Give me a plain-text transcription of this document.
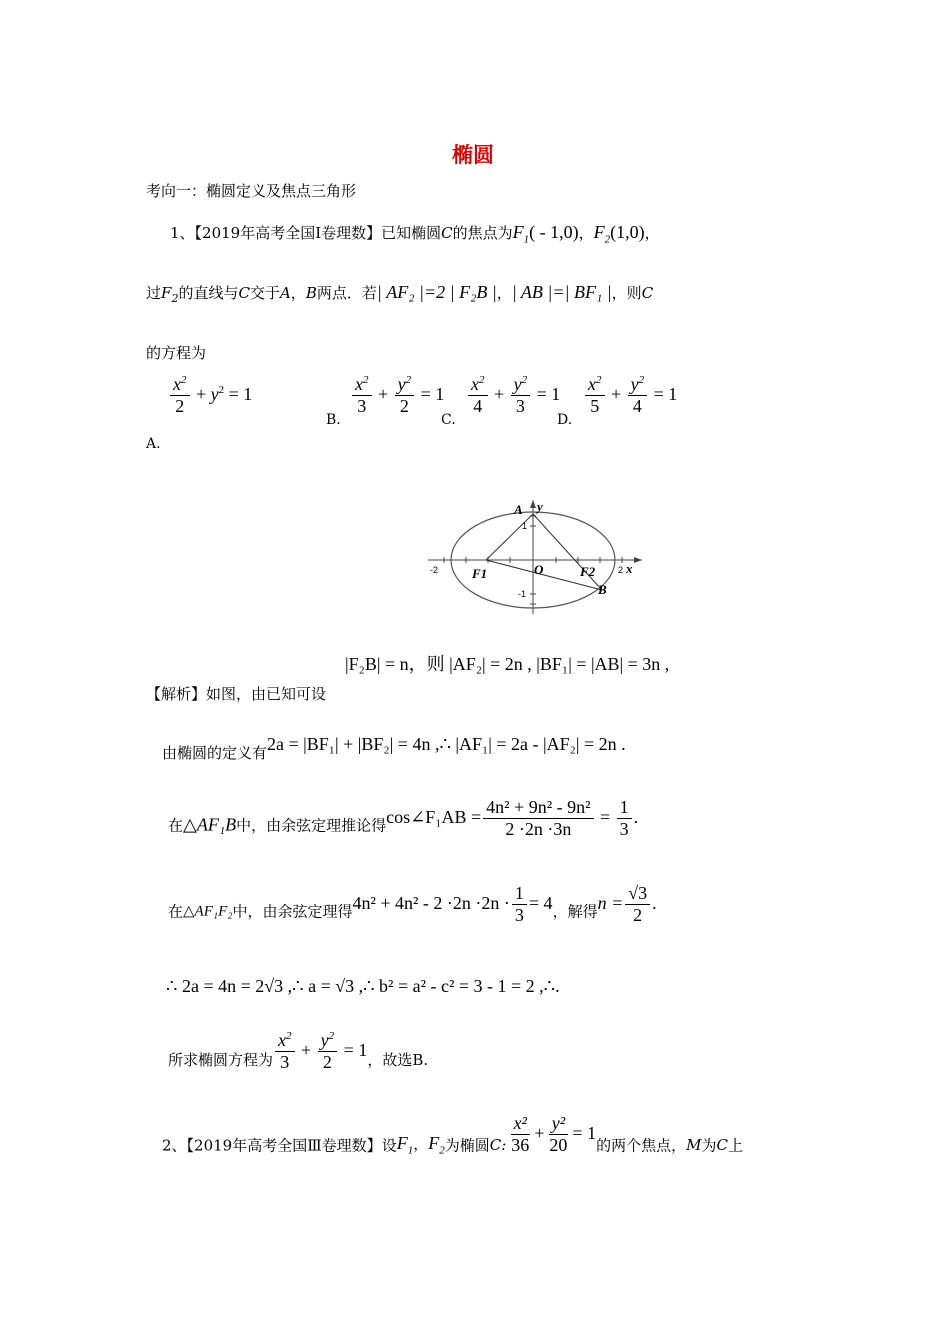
椭圆
考向一：椭圆定义及焦点三角形
1、【2019年高考全国Ⅰ卷理数】已知椭圆C的焦点为$F_1( - 1,0)$，$F_2(1,0)$，
过$F_2$的直线与C交于A，B两点．若| AF₂ |=2 | F₂B |，| AB |=| BF₁ |，则C
的方程为
$\frac{x^2}{2} + y^2 = 1$
A.
B.
$\frac{x^2}{3} + \frac{y^2}{2} = 1$
C.
$\frac{x^2}{4} + \frac{y^2}{3} = 1$
D.
$\frac{x^2}{5} + \frac{y^2}{4} = 1$
A y
F1	O	F2 x
B
1
-2	2
-1
|F₂B| = n，则 |AF₂| = 2n , |BF₁| = |AB| = 3n ,
【解析】如图，由已知可设
由椭圆的定义有2a = |BF₁| + |BF₂| = 4n ,∴ |AF₁| = 2a - |AF₂| = 2n .
在△AF₁B中，由余弦定理推论得cos∠F₁AB = $\frac{\text{4n² + 9n² - 9n²}}{2 \cdot 2n \cdot 3n} = \frac{1}{3}$ .
在△AF₁F₂中，由余弦定理得$4n^2 + 4n^2 - 2 \cdot 2n \cdot 2n \cdot \frac{1}{3} = 4$，解得$n = \frac{√3}{2}$ .
∴ 2a = 4n = 2√3 ,∴ a = √3 ,∴ b² = a² - c² = 3 - 1 = 2 ,∴.
所求椭圆方程为 $\frac{x^2}{3} + \frac{y^2}{2} = 1$，故选B.
2、【2019年高考全国Ⅲ卷理数】设$F_1$，$F_2$为椭圆C: $\frac{\text{x²}}{36} + \frac{\text{y²}}{20} = 1$的两个焦点，M为C上
